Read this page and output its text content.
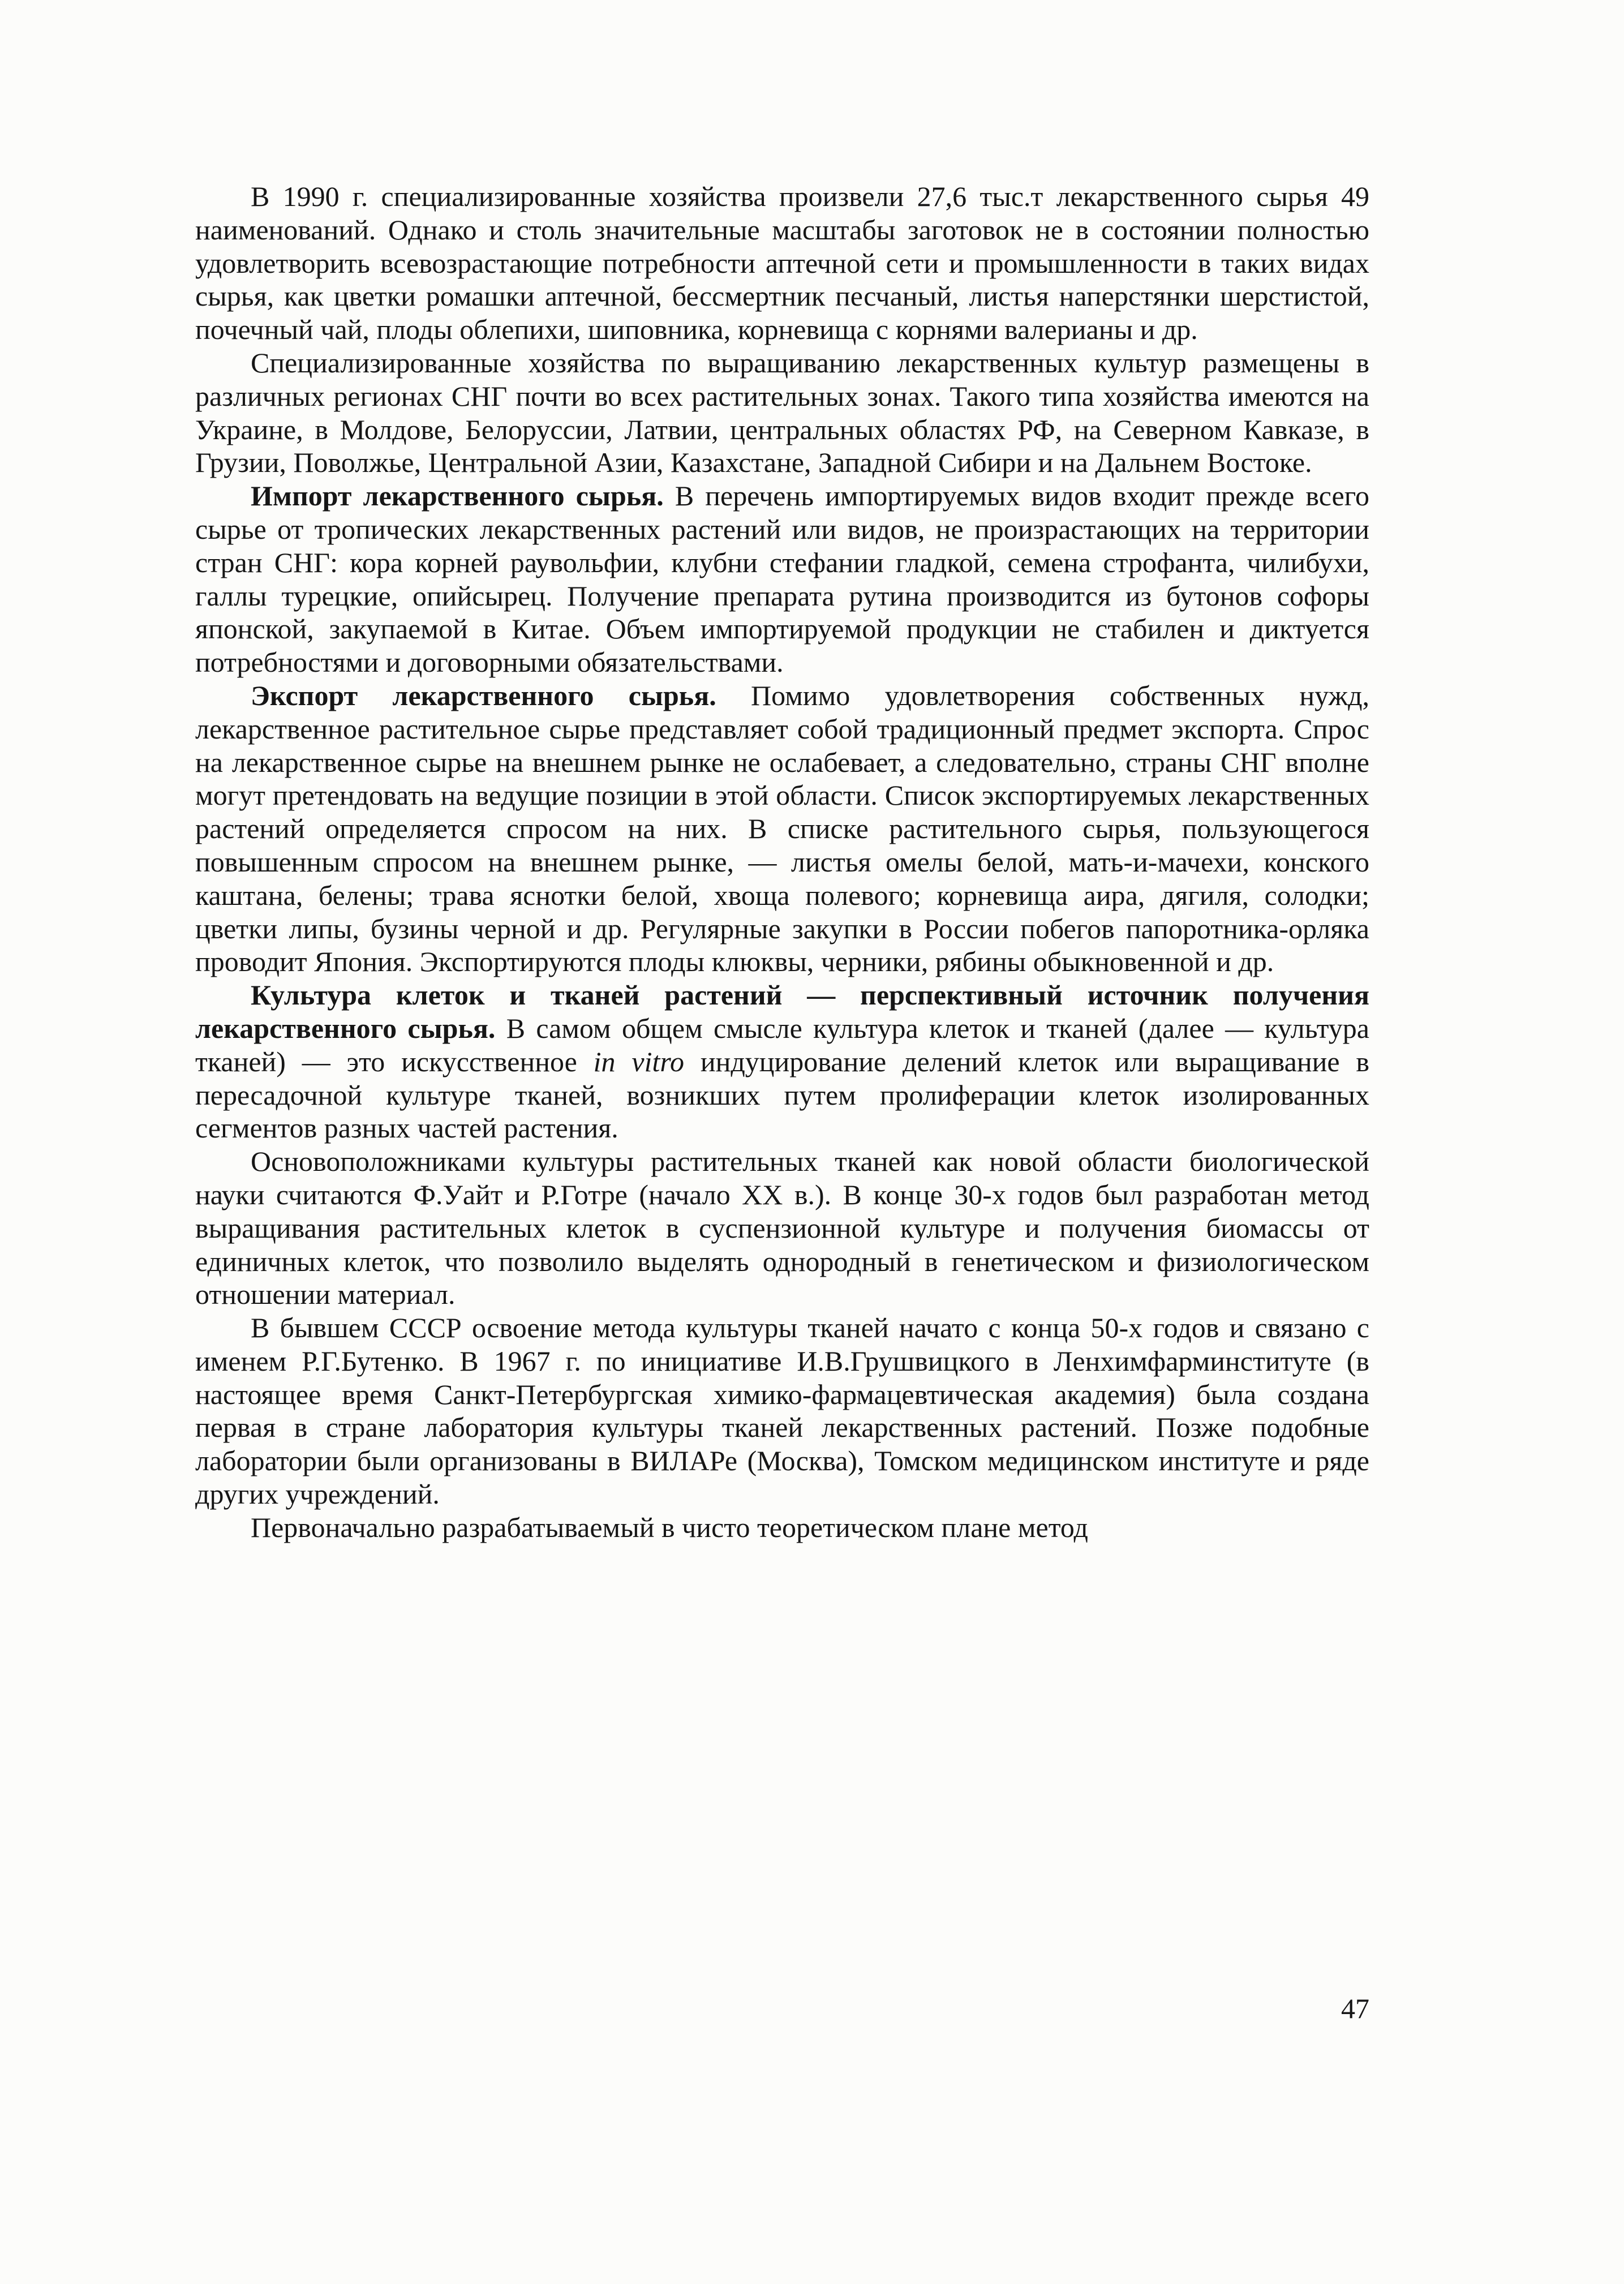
В 1990 г. специализированные хозяйства произвели 27,6 тыс.т лекарственного сырья 49 наименований. Однако и столь значительные масштабы заготовок не в состоянии полностью удовлетворить всевозрастающие потребности аптечной сети и промышленности в таких видах сырья, как цветки ромашки аптечной, бессмертник песчаный, листья наперстянки шерстистой, почечный чай, плоды облепихи, шиповника, корневища с корнями валерианы и др.

Специализированные хозяйства по выращиванию лекарственных культур размещены в различных регионах СНГ почти во всех растительных зонах. Такого типа хозяйства имеются на Украине, в Молдове, Белоруссии, Латвии, центральных областях РФ, на Северном Кавказе, в Грузии, Поволжье, Центральной Азии, Казахстане, Западной Сибири и на Дальнем Востоке.

Импорт лекарственного сырья. В перечень импортируемых видов входит прежде всего сырье от тропических лекарственных растений или видов, не произрастающих на территории стран СНГ: кора корней раувольфии, клубни стефании гладкой, семена строфанта, чилибухи, галлы турецкие, опийсырец. Получение препарата рутина производится из бутонов софоры японской, закупаемой в Китае. Объем импортируемой продукции не стабилен и диктуется потребностями и договорными обязательствами.

Экспорт лекарственного сырья. Помимо удовлетворения собственных нужд, лекарственное растительное сырье представляет собой традиционный предмет экспорта. Спрос на лекарственное сырье на внешнем рынке не ослабевает, а следовательно, страны СНГ вполне могут претендовать на ведущие позиции в этой области. Список экспортируемых лекарственных растений определяется спросом на них. В списке растительного сырья, пользующегося повышенным спросом на внешнем рынке, — листья омелы белой, мать-и-мачехи, конского каштана, белены; трава яснотки белой, хвоща полевого; корневища аира, дягиля, солодки; цветки липы, бузины черной и др. Регулярные закупки в России побегов папоротника-орляка проводит Япония. Экспортируются плоды клюквы, черники, рябины обыкновенной и др.

Культура клеток и тканей растений — перспективный источник получения лекарственного сырья. В самом общем смысле культура клеток и тканей (далее — культура тканей) — это искусственное in vitro индуцирование делений клеток или выращивание в пересадочной культуре тканей, возникших путем пролиферации клеток изолированных сегментов разных частей растения.

Основоположниками культуры растительных тканей как новой области биологической науки считаются Ф.Уайт и Р.Готре (начало XX в.). В конце 30-х годов был разработан метод выращивания растительных клеток в суспензионной культуре и получения биомассы от единичных клеток, что позволило выделять однородный в генетическом и физиологическом отношении материал.

В бывшем СССР освоение метода культуры тканей начато с конца 50-х годов и связано с именем Р.Г.Бутенко. В 1967 г. по инициативе И.В.Грушвицкого в Ленхимфарминституте (в настоящее время Санкт-Петербургская химико-фармацевтическая академия) была создана первая в стране лаборатория культуры тканей лекарственных растений. Позже подобные лаборатории были организованы в ВИЛАРе (Москва), Томском медицинском институте и ряде других учреждений.

Первоначально разрабатываемый в чисто теоретическом плане метод

47
